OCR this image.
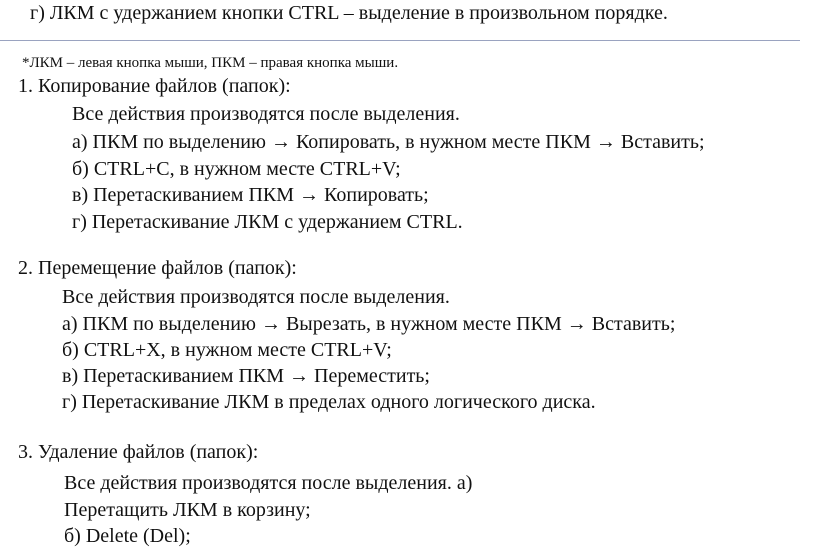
г) ЛКМ с удержанием кнопки CTRL – выделение в произвольном порядке.
*ЛКМ – левая кнопка мыши, ПКМ – правая кнопка мыши.
1. Копирование файлов (папок):
Все действия производятся после выделения.
а) ПКМ по выделению → Копировать, в нужном месте ПКМ → Вставить;
б) CTRL+C, в нужном месте CTRL+V;
в) Перетаскиванием ПКМ → Копировать;
г) Перетаскивание ЛКМ с удержанием CTRL.
2. Перемещение файлов (папок):
Все действия производятся после выделения.
а) ПКМ по выделению → Вырезать, в нужном месте ПКМ → Вставить;
б) CTRL+X, в нужном месте CTRL+V;
в) Перетаскиванием ПКМ → Переместить;
г) Перетаскивание ЛКМ в пределах одного логического диска.
3. Удаление файлов (папок):
Все действия производятся после выделения. а)
Перетащить ЛКМ в корзину;
б) Delete (Del);
